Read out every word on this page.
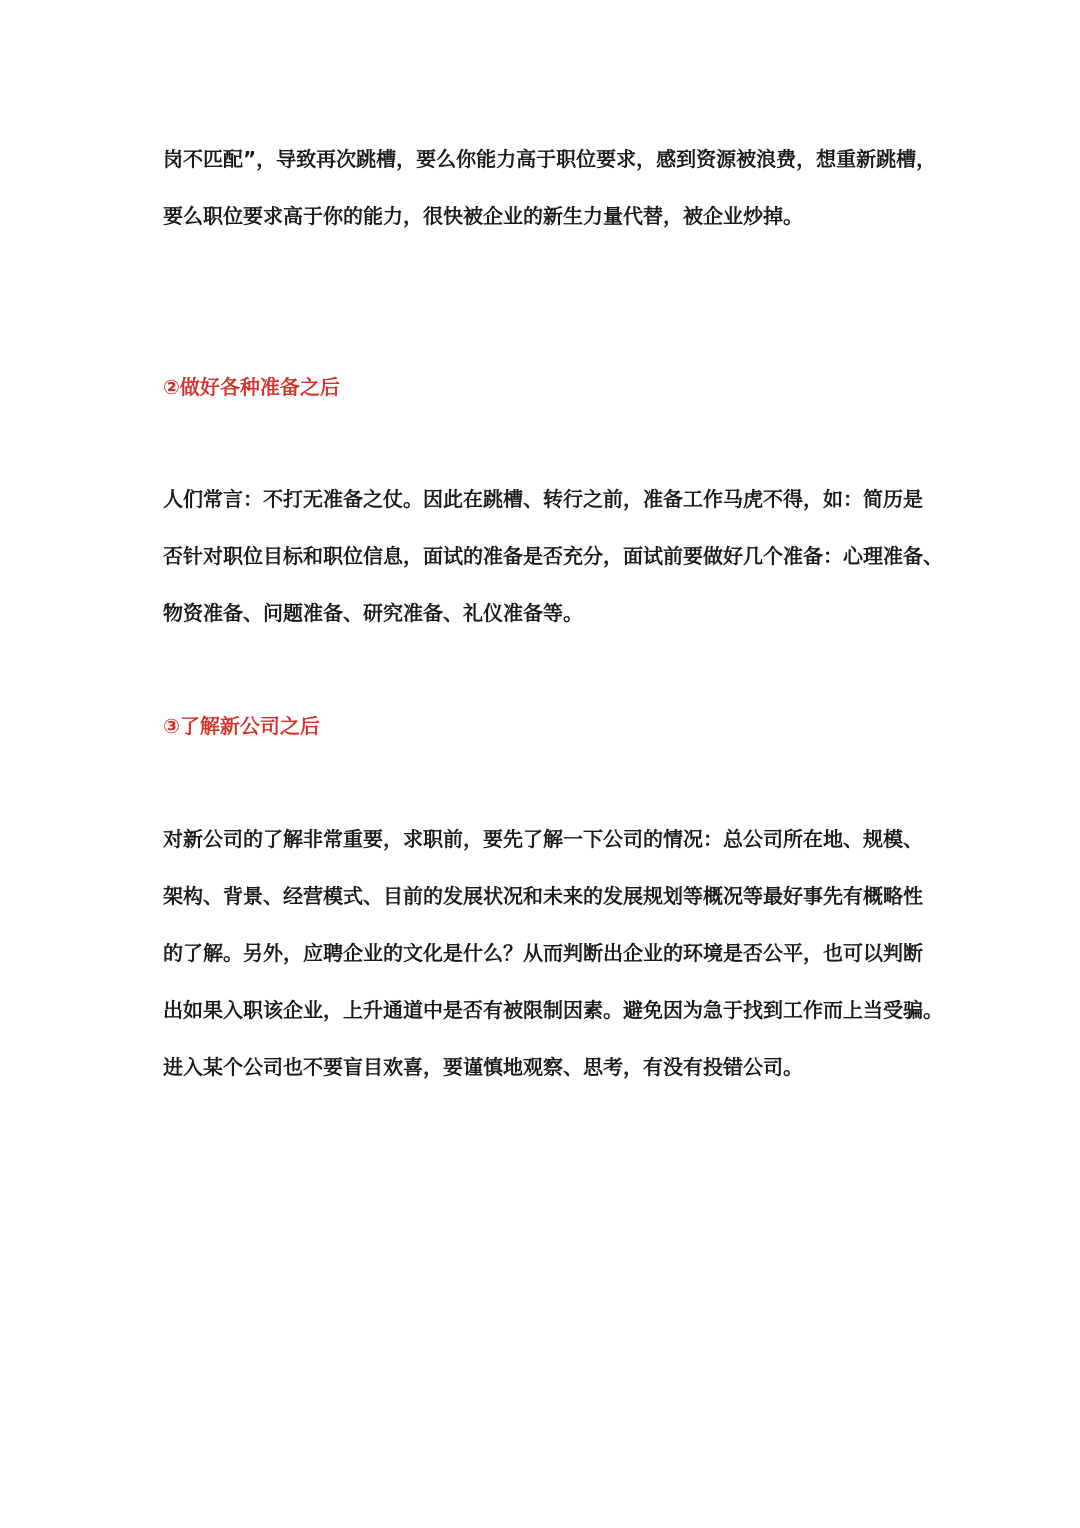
岗不匹配”，导致再次跳槽，要么你能力高于职位要求，感到资源被浪费，想重新跳槽，
要么职位要求高于你的能力，很快被企业的新生力量代替，被企业炒掉。

②做好各种准备之后

人们常言：不打无准备之仗。因此在跳槽、转行之前，准备工作马虎不得，如：简历是
否针对职位目标和职位信息，面试的准备是否充分，面试前要做好几个准备：心理准备、
物资准备、问题准备、研究准备、礼仪准备等。

③了解新公司之后

对新公司的了解非常重要，求职前，要先了解一下公司的情况：总公司所在地、规模、
架构、背景、经营模式、目前的发展状况和未来的发展规划等概况等最好事先有概略性
的了解。另外，应聘企业的文化是什么？从而判断出企业的环境是否公平，也可以判断
出如果入职该企业，上升通道中是否有被限制因素。避免因为急于找到工作而上当受骗。
进入某个公司也不要盲目欢喜，要谨慎地观察、思考，有没有投错公司。
